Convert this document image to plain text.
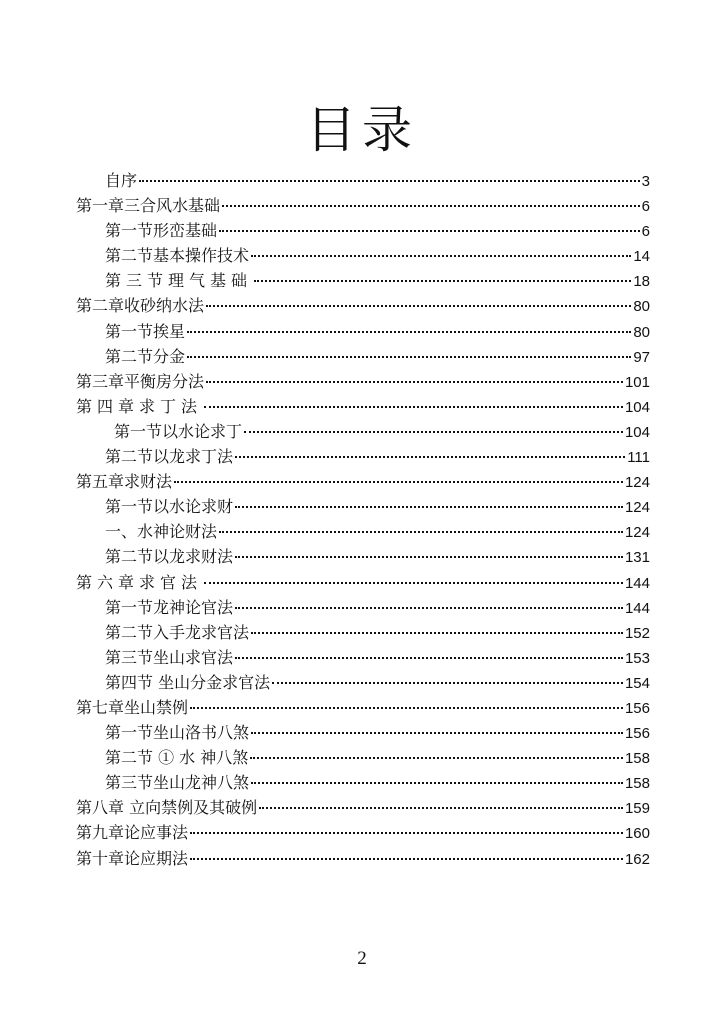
目录
自序	3
第一章三合风水基础	6
第一节形峦基础	6
第二节基本操作技术	14
第三节理气基础	18
第二章收砂纳水法	80
第一节挨星	80
第二节分金	97
第三章平衡房分法	101
第四章求丁法	104
第一节以水论求丁	104
第二节以龙求丁法	111
第五章求财法	124
第一节以水论求财	124
一、水神论财法	124
第二节以龙求财法	131
第六章求官法	144
第一节龙神论官法	144
第二节入手龙求官法	152
第三节坐山求官法	153
第四节 坐山分金求官法	154
第七章坐山禁例	156
第一节坐山洛书八煞	156
第二节 ① 水 神八煞	158
第三节坐山龙神八煞	158
第八章 立向禁例及其破例	159
第九章论应事法	160
第十章论应期法	162
2
